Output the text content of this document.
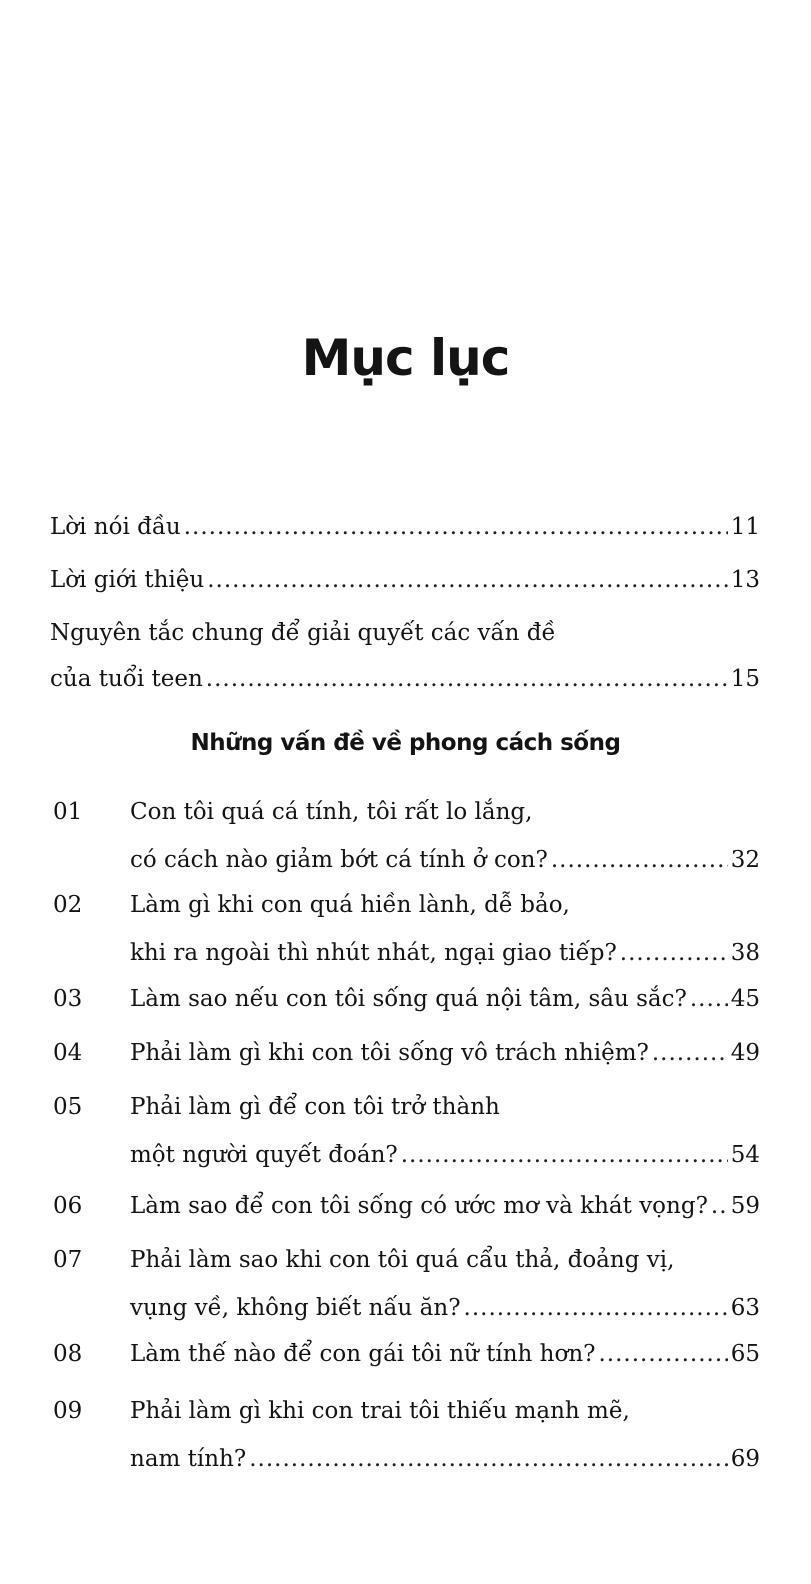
Mục lục
Lời nói đầu .....	11
Lời giới thiệu .....	13
Nguyên tắc chung để giải quyết các vấn đề
của tuổi teen .....	15
Những vấn đề về phong cách sống
01 Con tôi quá cá tính, tôi rất lo lắng,
có cách nào giảm bớt cá tính ở con? .....	32
02 Làm gì khi con quá hiền lành, dễ bảo,
khi ra ngoài thì nhút nhát, ngại giao tiếp? .....	38
03 Làm sao nếu con tôi sống quá nội tâm, sâu sắc? ..... 45
04 Phải làm gì khi con tôi sống vô trách nhiệm? .....	49
05 Phải làm gì để con tôi trở thành
một người quyết đoán? .....	54
06 Làm sao để con tôi sống có ước mơ và khát vọng? ..... 59
07 Phải làm sao khi con tôi quá cẩu thả, đoảng vị,
vụng về, không biết nấu ăn? .....	63
08 Làm thế nào để con gái tôi nữ tính hơn? .....	65
09 Phải làm gì khi con trai tôi thiếu mạnh mẽ,
nam tính? .....	69
